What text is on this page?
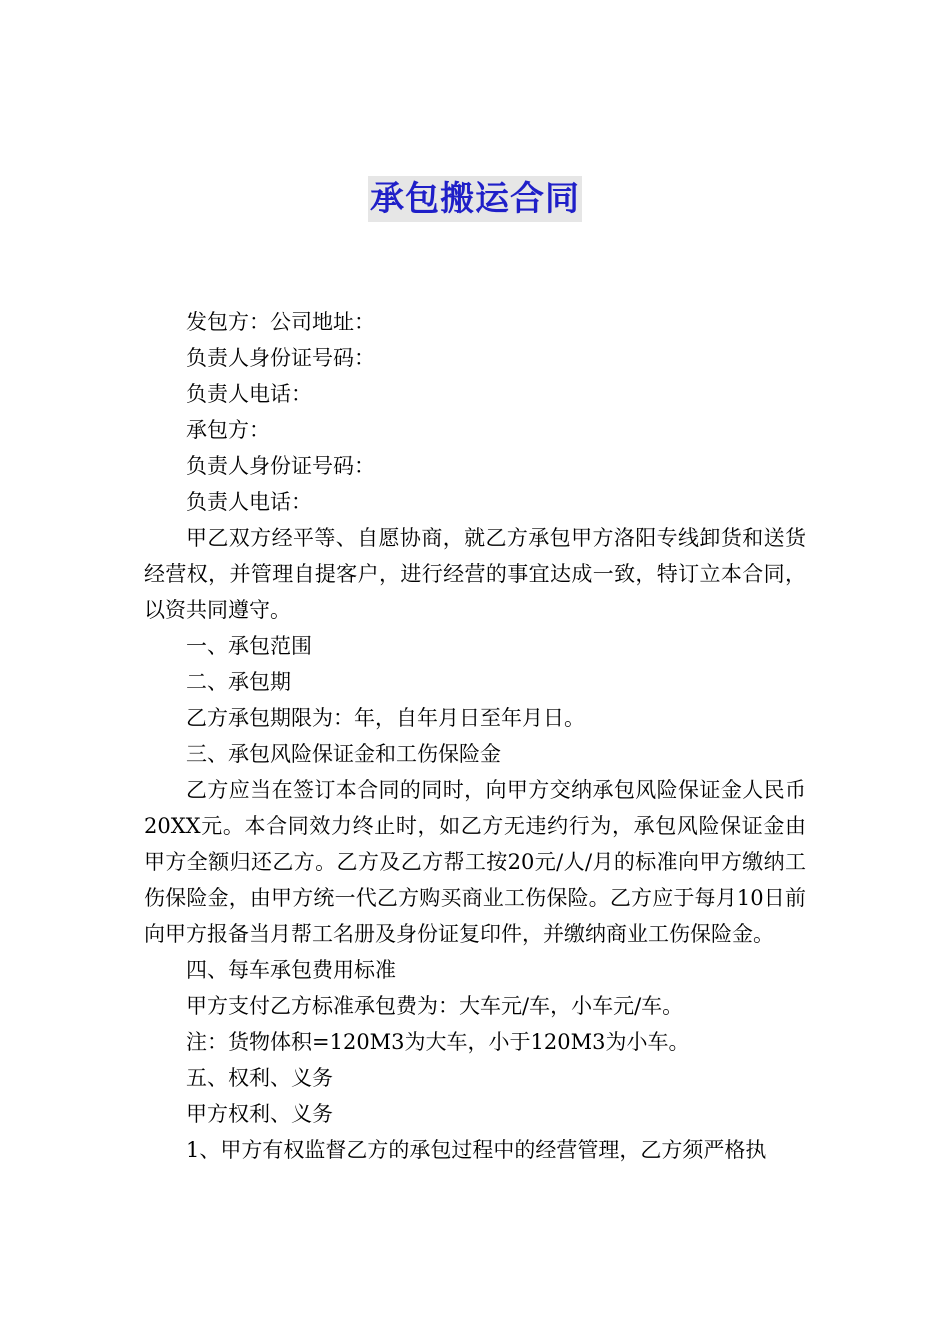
承包搬运合同

发包方：公司地址：

负责人身份证号码：

负责人电话：

承包方：

负责人身份证号码：

负责人电话：

甲乙双方经平等、自愿协商，就乙方承包甲方洛阳专线卸货和送货经营权，并管理自提客户，进行经营的事宜达成一致，特订立本合同，以资共同遵守。

一、承包范围

二、承包期

乙方承包期限为：年，自年月日至年月日。

三、承包风险保证金和工伤保险金

乙方应当在签订本合同的同时，向甲方交纳承包风险保证金人民币20XX元。本合同效力终止时，如乙方无违约行为，承包风险保证金由甲方全额归还乙方。乙方及乙方帮工按20元/人/月的标准向甲方缴纳工伤保险金，由甲方统一代乙方购买商业工伤保险。乙方应于每月10日前向甲方报备当月帮工名册及身份证复印件，并缴纳商业工伤保险金。

四、每车承包费用标准

甲方支付乙方标准承包费为：大车元/车，小车元/车。

注：货物体积=120M3为大车，小于120M3为小车。

五、权利、义务

甲方权利、义务

1、甲方有权监督乙方的承包过程中的经营管理，乙方须严格执
